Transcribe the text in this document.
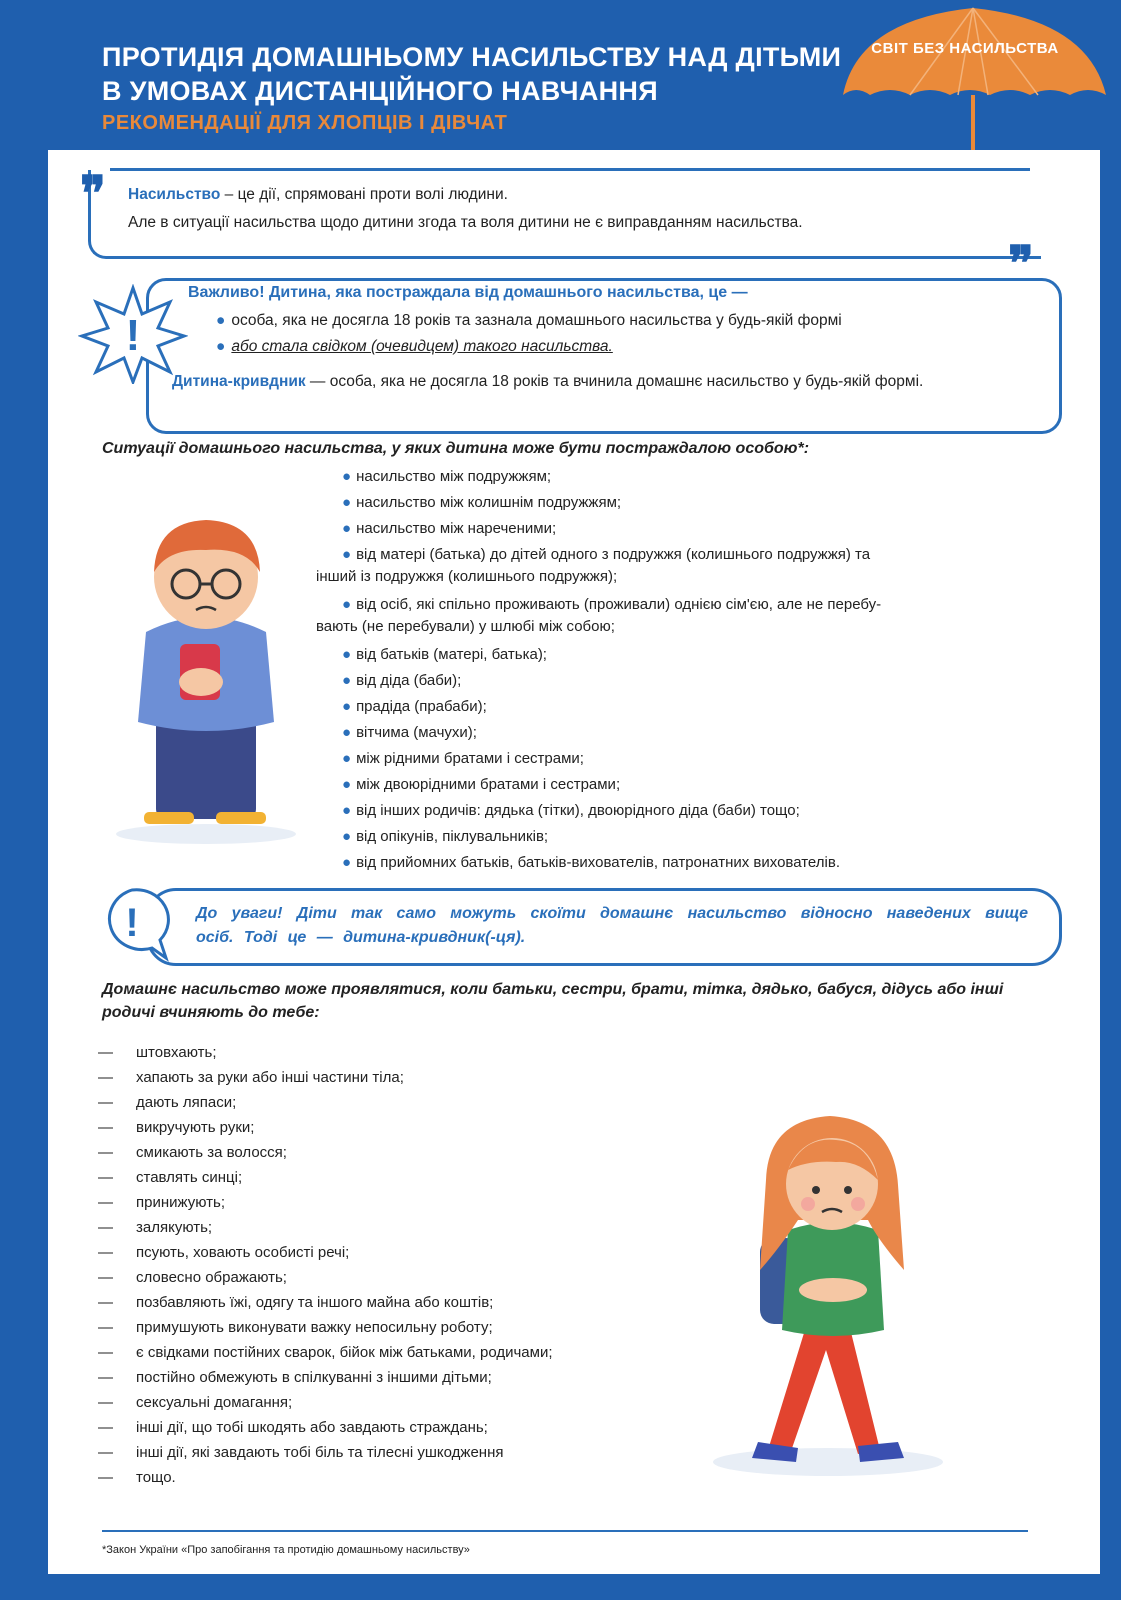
ПРОТИДІЯ ДОМАШНЬОМУ НАСИЛЬСТВУ НАД ДІТЬМИ
В УМОВАХ ДИСТАНЦІЙНОГО НАВЧАННЯ
РЕКОМЕНДАЦІЇ ДЛЯ ХЛОПЦІВ І ДІВЧАТ
СВІТ БЕЗ НАСИЛЬСТВА
❞
❞
Насильство – це дії, спрямовані проти волі людини.
Але в ситуації насильства щодо дитини згода та воля дитини не є виправданням насильства.
!
Важливо! Дитина, яка постраждала від домашнього насильства, це —
● особа, яка не досягла 18 років та зазнала домашнього насильства у будь-якій формі
● або стала свідком (очевидцем) такого насильства.
Дитина-кривдник — особа, яка не досягла 18 років та вчинила домашнє насильство у будь-якій формі.
Ситуації домашнього насильства, у яких дитина може бути постраждалою особою*:
● насильство між подружжям;
● насильство між колишнім подружжям;
● насильство між нареченими;
● від матері (батька) до дітей одного з подружжя (колишнього подружжя) та
інший із подружжя (колишнього подружжя);
● від осіб, які спільно проживають (проживали) однією сім'єю, але не перебу-
вають (не перебували) у шлюбі між собою;
● від батьків (матері, батька);
● від діда (баби);
● прадіда (прабаби);
● вітчима (мачухи);
● між рідними братами і сестрами;
● між двоюрідними братами і сестрами;
● від інших родичів: дядька (тітки), двоюрідного діда (баби) тощо;
● від опікунів, піклувальників;
● від прийомних батьків, батьків-вихователів, патронатних вихователів.
!	До уваги! Діти так само можуть скоїти домашнє насильство відносно наведених вище осіб. Тоді це — дитина-кривдник(-ця).
Домашнє насильство може проявлятися, коли батьки, сестри, брати, тітка, дядько, бабуся, дідусь або інші родичі вчиняють до тебе:
— штовхають;
— хапають за руки або інші частини тіла;
— дають ляпаси;
— викручують руки;
— смикають за волосся;
— ставлять синці;
— принижують;
— залякують;
— псують, ховають особисті речі;
— словесно ображають;
— позбавляють їжі, одягу та іншого майна або коштів;
— примушують виконувати важку непосильну роботу;
— є свідками постійних сварок, бійок між батьками, родичами;
— постійно обмежують в спілкуванні з іншими дітьми;
— сексуальні домагання;
— інші дії, що тобі шкодять або завдають страждань;
— інші дії, які завдають тобі біль та тілесні ушкодження
— тощо.
*Закон України «Про запобігання та протидію домашньому насильству»
